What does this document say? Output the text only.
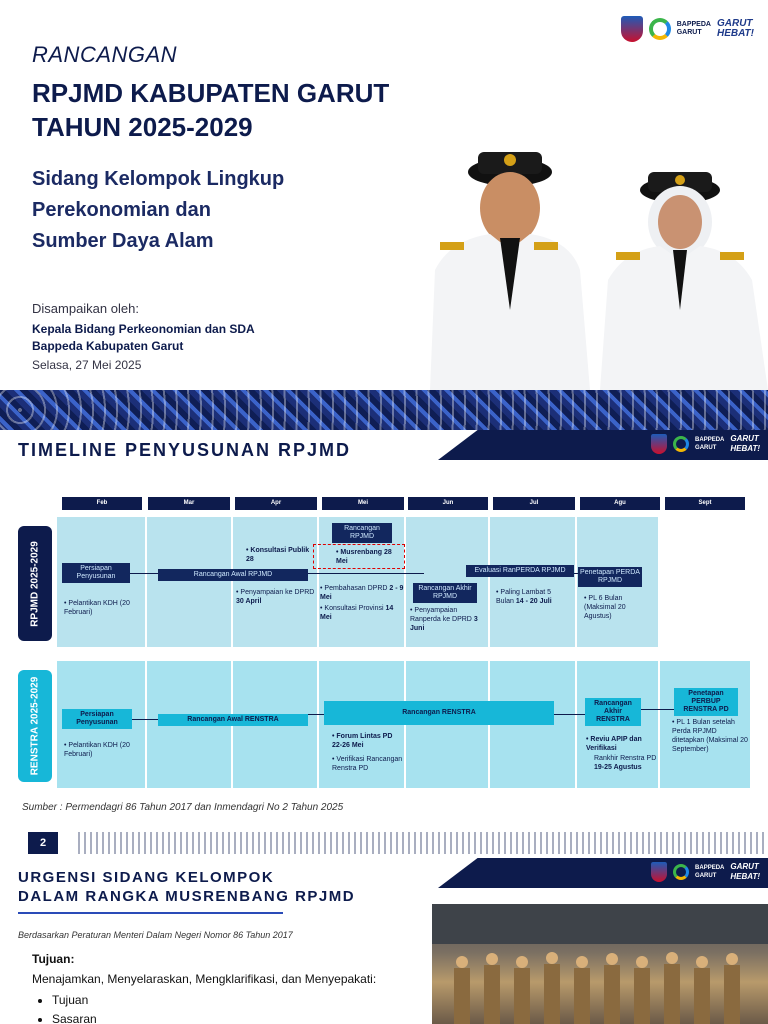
BAPPEDA
GARUT
GARUT
HEBAT!
RANCANGAN
RPJMD KABUPATEN GARUT
TAHUN 2025-2029
Sidang Kelompok Lingkup
Perekonomian dan
Sumber Daya Alam
Disampaikan oleh:
Kepala Bidang Perkeonomian dan SDA
Bappeda Kabupaten Garut
Selasa, 27 Mei 2025
BAPPEDA
GARUT
GARUT
HEBAT!
TIMELINE PENYUSUNAN RPJMD
Feb	Mar	Apr	Mei	Jun	Jul	Agu	Sept
RPJMD 2025-2029	Persiapan Penyusunan
• Pelantikan KDH (20 Februari)
Rancangan Awal RPJMD
• Konsultasi Publik 28
• Penyampaian ke DPRD 30 April
Rancangan RPJMD
• Musrenbang 28 Mei
• Pembahasan DPRD 2 - 9 Mei
• Konsultasi Provinsi 14 Mei
Rancangan Akhir RPJMD
• Penyampaian Ranperda ke DPRD 3 Juni
Evaluasi RanPERDA RPJMD
• Paling Lambat 5 Bulan 14 - 20 Juli
Penetapan PERDA RPJMD
• PL 6 Bulan (Maksimal 20 Agustus)
RENSTRA 2025-2029	Persiapan Penyusunan
• Pelantikan KDH (20 Februari)
Rancangan Awal RENSTRA
Rancangan RENSTRA
• Forum Lintas PD 22-26 Mei
• Verifikasi Rancangan Renstra PD
Rancangan Akhir RENSTRA
• Reviu APIP dan Verifikasi
Rankhir Renstra PD 19-25 Agustus
Penetapan PERBUP RENSTRA PD
• PL 1 Bulan setelah Perda RPJMD ditetapkan (Maksimal 20 September)
Sumber : Permendagri 86 Tahun 2017 dan Inmendagri No 2 Tahun 2025
2
BAPPEDA
GARUT
GARUT
HEBAT!
URGENSI SIDANG KELOMPOK
DALAM RANGKA MUSRENBANG RPJMD
Berdasarkan Peraturan Menteri Dalam Negeri Nomor 86 Tahun 2017
Tujuan:
Menajamkan, Menyelaraskan, Mengklarifikasi, dan Menyepakati:
• Tujuan
• Sasaran
